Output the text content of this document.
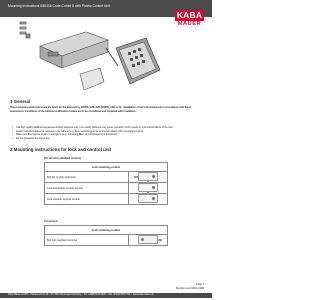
Mounting Instructions B55316 Code-Combi B with Plastic Control Unit
KABA
MAUER
1 General
These mounting instructions are the basis for the approval by ECB/S, VdS, A2P (CNPP), EN1 or UL. Installation of the lock exclusively in accordance with these instructions. Conditions of the national certification bodies are to be considered and complied with in addition:
• Use high quality alkaline/manganese-dioxide batteries only. Low quality batteries may cause operation which results in a functional failure of the lock.
• Avoid residual oil/adhesive residues in the cabinet (e.g. from varnishing) so as to prevent attack of the electrical contacts.
• Make sure that ingress of dirt or detergents (e.g. remaining fillers or cold cleaners) is prevented.
• Do not grease/oil the bolt or key.
2 Mounting instructions for lock and control unit
RH version (standard version)
Lock mounting position	
Bolt left, keyhole horizontal	

Lock downwards, keyhole vertical	

Lock upwards, keyhole vertical	
LH version
Lock mounting position
Bolt right, keyhole horizontal	
Page 1
Revision rev.0 2011-2009
Kaba Mauer GmbH – Postbereich 6–14 – D-71272 Renningen/Germany – Tel. +49(0)7159 6303 – Fax +49(0)7159 7101 – www.kaba-mauer.de
